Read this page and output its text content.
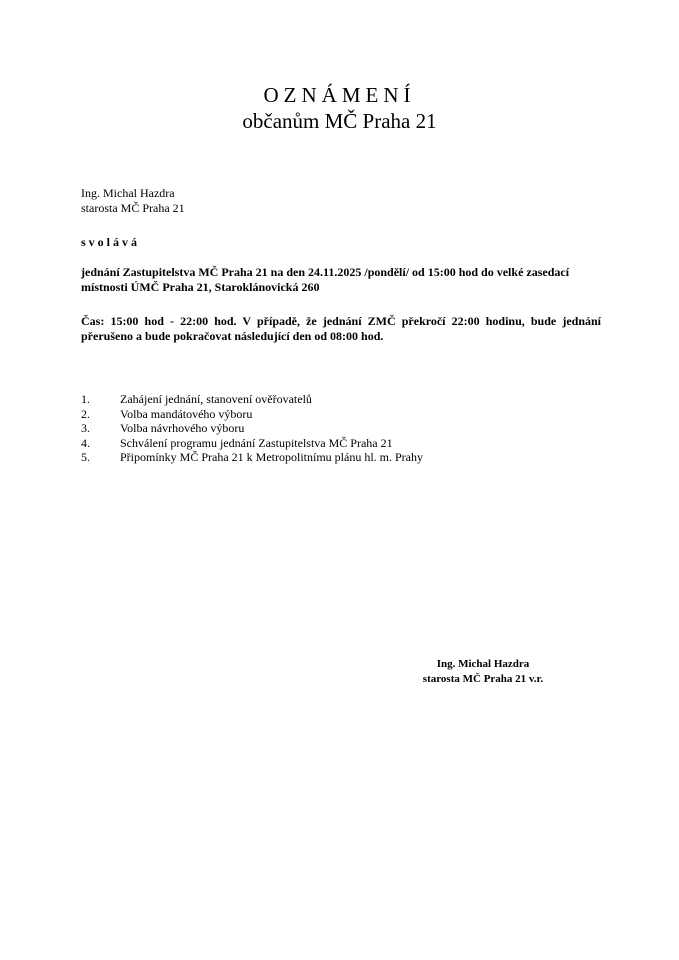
OZNÁMENÍ
občanům MČ Praha 21
Ing. Michal Hazdra
starosta MČ Praha 21
svolává
jednání Zastupitelstva MČ Praha 21 na den 24.11.2025 /pondělí/ od 15:00 hod do velké zasedací místnosti ÚMČ Praha 21, Staroklánovická 260
Čas: 15:00 hod - 22:00 hod. V případě, že jednání ZMČ překročí 22:00 hodinu, bude jednání přerušeno a bude pokračovat následující den od 08:00 hod.
1.	Zahájení jednání, stanovení ověřovatelů
2.	Volba mandátového výboru
3.	Volba návrhového výboru
4.	Schválení programu jednání Zastupitelstva MČ Praha 21
5.	Připomínky MČ Praha 21 k Metropolitnímu plánu hl. m. Prahy
Ing. Michal Hazdra
starosta MČ Praha 21 v.r.
